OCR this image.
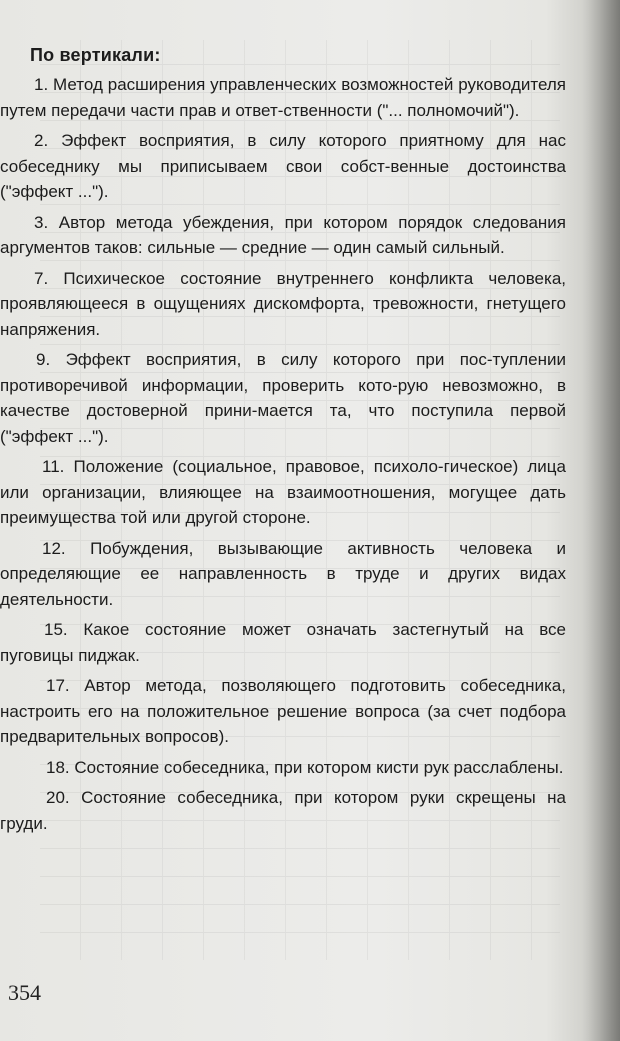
По вертикали:
1. Метод расширения управленческих возможностей руководителя путем передачи части прав и ответ-ственности ("... полномочий").
2. Эффект восприятия, в силу которого приятному для нас собеседнику мы приписываем свои собст-венные достоинства ("эффект ...").
3. Автор метода убеждения, при котором порядок следования аргументов таков: сильные — средние — один самый сильный.
7. Психическое состояние внутреннего конфликта человека, проявляющееся в ощущениях дискомфорта, тревожности, гнетущего напряжения.
9. Эффект восприятия, в силу которого при пос-туплении противоречивой информации, проверить кото-рую невозможно, в качестве достоверной прини-мается та, что поступила первой ("эффект ...").
11. Положение (социальное, правовое, психоло-гическое) лица или организации, влияющее на взаимоотношения, могущее дать преимущества той или другой стороне.
12. Побуждения, вызывающие активность человека и определяющие ее направленность в труде и других видах деятельности.
15. Какое состояние может означать застегнутый на все пуговицы пиджак.
17. Автор метода, позволяющего подготовить собеседника, настроить его на положительное решение вопроса (за счет подбора предварительных вопросов).
18. Состояние собеседника, при котором кисти рук расслаблены.
20. Состояние собеседника, при котором руки скрещены на груди.
354
